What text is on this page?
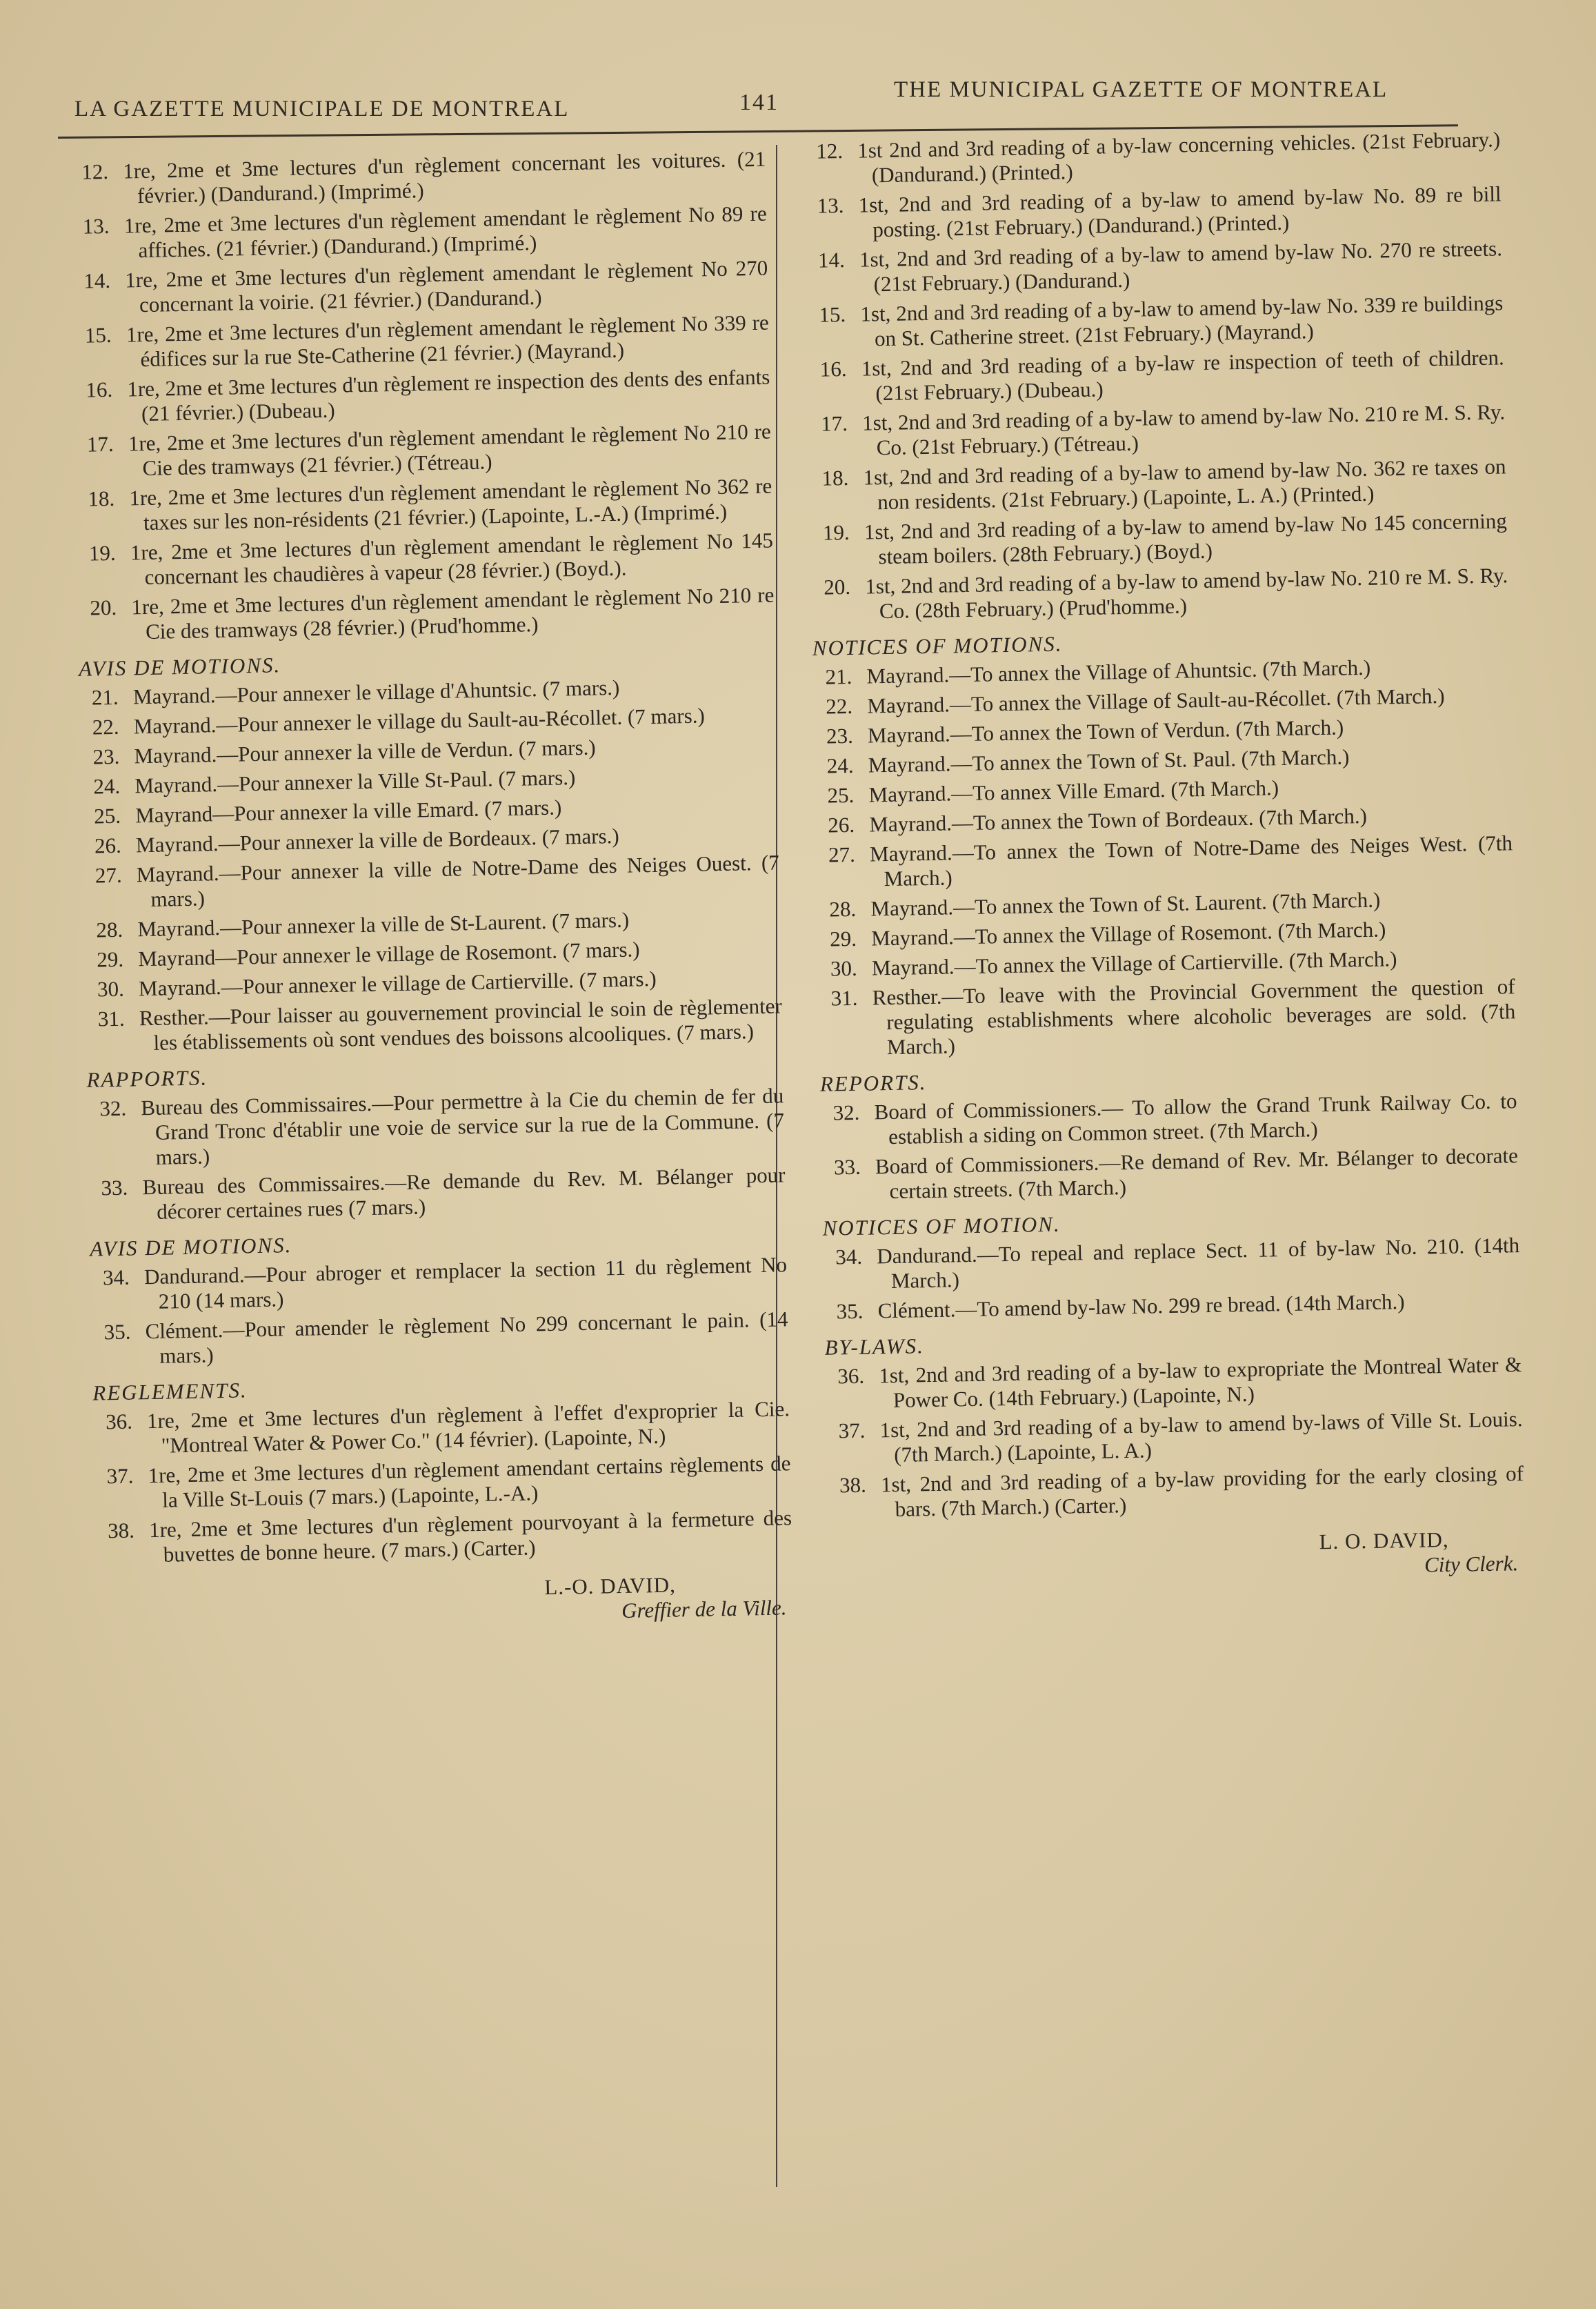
LA GAZETTE MUNICIPALE DE MONTREAL	141	THE MUNICIPAL GAZETTE OF MONTREAL
12. 1re, 2me et 3me lectures d'un règlement concernant les voitures. (21 février.) (Dandurand.) (Imprimé.)
13. 1re, 2me et 3me lectures d'un règlement amendant le règlement No 89 re affiches. (21 février.) (Dandurand.) (Imprimé.)
14. 1re, 2me et 3me lectures d'un règlement amendant le règlement No 270 concernant la voirie. (21 février.) (Dandurand.)
15. 1re, 2me et 3me lectures d'un règlement amendant le règlement No 339 re édifices sur la rue Ste-Catherine (21 février.) (Mayrand.)
16. 1re, 2me et 3me lectures d'un règlement re inspection des dents des enfants (21 février.) (Dubeau.)
17. 1re, 2me et 3me lectures d'un règlement amendant le règlement No 210 re Cie des tramways (21 février.) (Tétreau.)
18. 1re, 2me et 3me lectures d'un règlement amendant le règlement No 362 re taxes sur les non-résidents (21 février.) (Lapointe, L.-A.) (Imprimé.)
19. 1re, 2me et 3me lectures d'un règlement amendant le règlement No 145 concernant les chaudières à vapeur (28 février.) (Boyd.).
20. 1re, 2me et 3me lectures d'un règlement amendant le règlement No 210 re Cie des tramways (28 février.) (Prud'homme.)
AVIS DE MOTIONS.
21. Mayrand.—Pour annexer le village d'Ahuntsic. (7 mars.)
22. Mayrand.—Pour annexer le village du Sault-au-Récollet. (7 mars.)
23. Mayrand.—Pour annexer la ville de Verdun. (7 mars.)
24. Mayrand.—Pour annexer la Ville St-Paul. (7 mars.)
25. Mayrand—Pour annexer la ville Emard. (7 mars.)
26. Mayrand.—Pour annexer la ville de Bordeaux. (7 mars.)
27. Mayrand.—Pour annexer la ville de Notre-Dame des Neiges Ouest. (7 mars.)
28. Mayrand.—Pour annexer la ville de St-Laurent. (7 mars.)
29. Mayrand—Pour annexer le village de Rosemont. (7 mars.)
30. Mayrand.—Pour annexer le village de Cartierville. (7 mars.)
31. Resther.—Pour laisser au gouvernement provincial le soin de règlementer les établissements où sont vendues des boissons alcooliques. (7 mars.)
RAPPORTS.
32. Bureau des Commissaires.—Pour permettre à la Cie du chemin de fer du Grand Tronc d'établir une voie de service sur la rue de la Commune. (7 mars.)
33. Bureau des Commissaires.—Re demande du Rev. M. Bélanger pour décorer certaines rues (7 mars.)
AVIS DE MOTIONS.
34. Dandurand.—Pour abroger et remplacer la section 11 du règlement No 210 (14 mars.)
35. Clément.—Pour amender le règlement No 299 concernant le pain. (14 mars.)
REGLEMENTS.
36. 1re, 2me et 3me lectures d'un règlement à l'effet d'exproprier la Cie. "Montreal Water & Power Co." (14 février). (Lapointe, N.)
37. 1re, 2me et 3me lectures d'un règlement amendant certains règlements de la Ville St-Louis (7 mars.) (Lapointe, L.-A.)
38. 1re, 2me et 3me lectures d'un règlement pourvoyant à la fermeture des buvettes de bonne heure. (7 mars.) (Carter.)
L.-O. DAVID,
Greffier de la Ville.
12. 1st 2nd and 3rd reading of a by-law concerning vehicles. (21st February.) (Dandurand.) (Printed.)
13. 1st, 2nd and 3rd reading of a by-law to amend by-law No. 89 re bill posting. (21st February.) (Dandurand.) (Printed.)
14. 1st, 2nd and 3rd reading of a by-law to amend by-law No. 270 re streets. (21st February.) (Dandurand.)
15. 1st, 2nd and 3rd reading of a by-law to amend by-law No. 339 re buildings on St. Catherine street. (21st February.) (Mayrand.)
16. 1st, 2nd and 3rd reading of a by-law re inspection of teeth of children. (21st February.) (Dubeau.)
17. 1st, 2nd and 3rd reading of a by-law to amend by-law No. 210 re M. S. Ry. Co. (21st February.) (Tétreau.)
18. 1st, 2nd and 3rd reading of a by-law to amend by-law No. 362 re taxes on non residents. (21st February.) (Lapointe, L. A.) (Printed.)
19. 1st, 2nd and 3rd reading of a by-law to amend by-law No 145 concerning steam boilers. (28th February.) (Boyd.)
20. 1st, 2nd and 3rd reading of a by-law to amend by-law No. 210 re M. S. Ry. Co. (28th February.) (Prud'homme.)
NOTICES OF MOTIONS.
21. Mayrand.—To annex the Village of Ahuntsic. (7th March.)
22. Mayrand.—To annex the Village of Sault-au-Récollet. (7th March.)
23. Mayrand.—To annex the Town of Verdun. (7th March.)
24. Mayrand.—To annex the Town of St. Paul. (7th March.)
25. Mayrand.—To annex Ville Emard. (7th March.)
26. Mayrand.—To annex the Town of Bordeaux. (7th March.)
27. Mayrand.—To annex the Town of Notre-Dame des Neiges West. (7th March.)
28. Mayrand.—To annex the Town of St. Laurent. (7th March.)
29. Mayrand.—To annex the Village of Rosemont. (7th March.)
30. Mayrand.—To annex the Village of Cartierville. (7th March.)
31. Resther.—To leave with the Provincial Government the question of regulating establishments where alcoholic beverages are sold. (7th March.)
REPORTS.
32. Board of Commissioners.— To allow the Grand Trunk Railway Co. to establish a siding on Common street. (7th March.)
33. Board of Commissioners.—Re demand of Rev. Mr. Bélanger to decorate certain streets. (7th March.)
NOTICES OF MOTION.
34. Dandurand.—To repeal and replace Sect. 11 of by-law No. 210. (14th March.)
35. Clément.—To amend by-law No. 299 re bread. (14th March.)
BY-LAWS.
36. 1st, 2nd and 3rd reading of a by-law to expropriate the Montreal Water & Power Co. (14th February.) (Lapointe, N.)
37. 1st, 2nd and 3rd reading of a by-law to amend by-laws of Ville St. Louis. (7th March.) (Lapointe, L. A.)
38. 1st, 2nd and 3rd reading of a by-law providing for the early closing of bars. (7th March.) (Carter.)
L. O. DAVID,
City Clerk.
